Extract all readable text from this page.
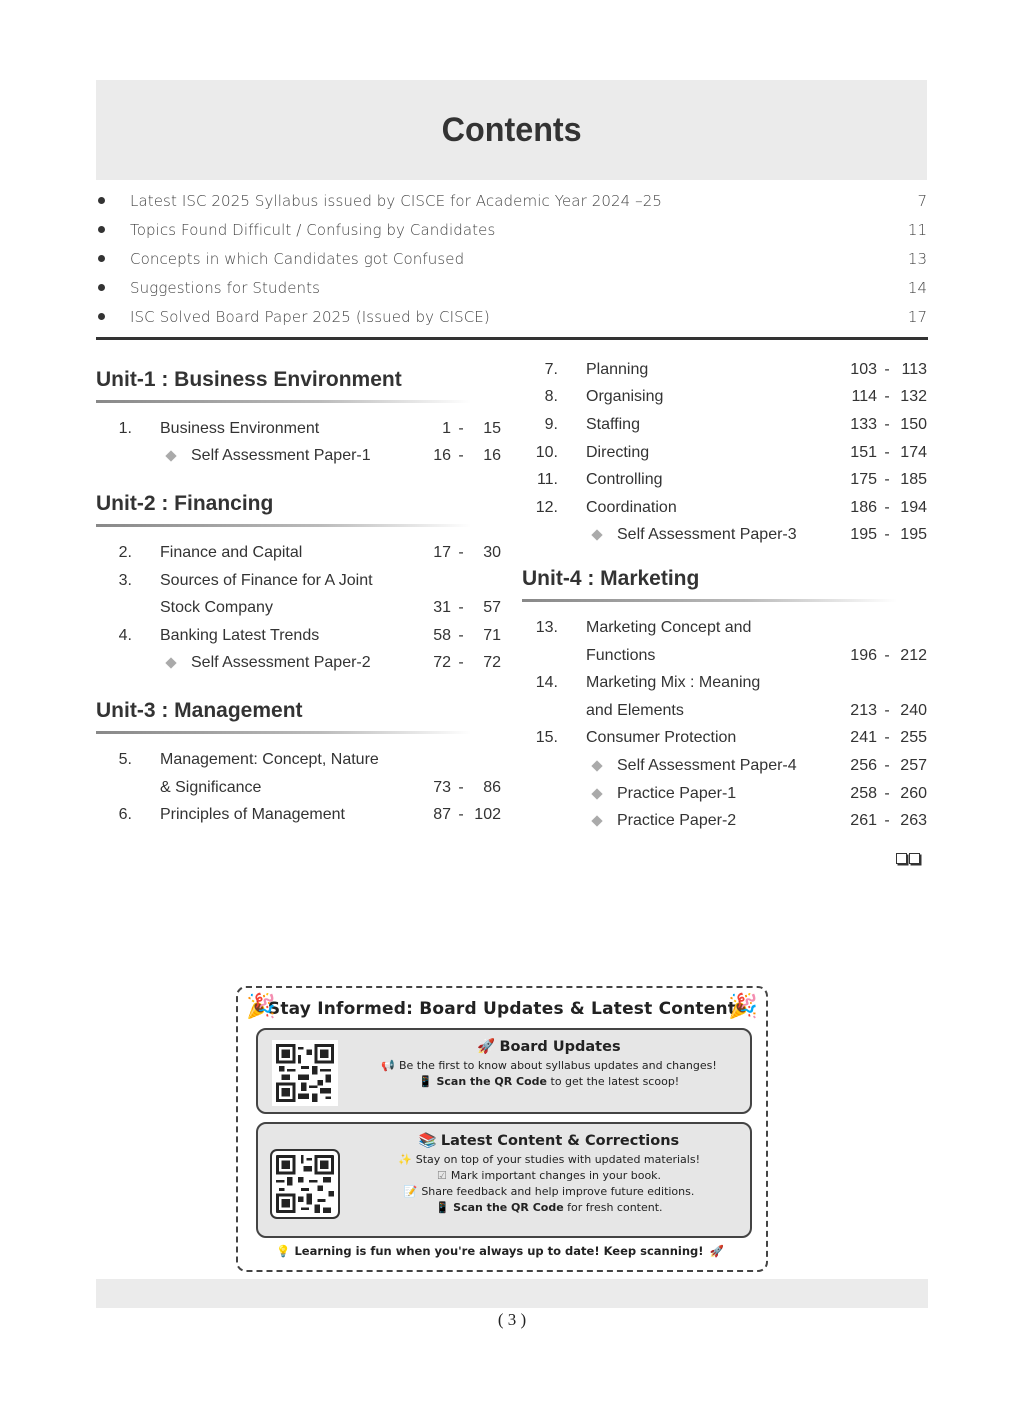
Contents
Latest ISC 2025 Syllabus issued by CISCE for Academic Year 2024 –25	7
Topics Found Difficult / Confusing by Candidates	11
Concepts in which Candidates got Confused	13
Suggestions for Students	14
ISC Solved Board Paper 2025 (Issued by CISCE)	17
Unit-1 : Business Environment
1. Business Environment	1 -	15
Self Assessment Paper-1	16 -	16
Unit-2 : Financing
2. Finance and Capital	17 -	30
3. Sources of Finance for A Joint
Stock Company	31 -	57
4. Banking Latest Trends	58 -	71
Self Assessment Paper-2	72 -	72
Unit-3 : Management
5. Management: Concept, Nature
& Significance	73 -	86
6. Principles of Management	87 - 102
7. Planning	103 - 113
8. Organising	114 - 132
9. Staffing	133 - 150
10. Directing	151 - 174
11. Controlling	175 - 185
12. Coordination	186 - 194
Self Assessment Paper-3	195 - 195
Unit-4 : Marketing
13. Marketing Concept and
Functions	196 - 212
14. Marketing Mix : Meaning
and Elements	213 - 240
15. Consumer Protection	241 - 255
Self Assessment Paper-4	256 - 257
Practice Paper-1	258 - 260
Practice Paper-2	261 - 263
🎉	🎉
Stay Informed: Board Updates & Latest Content
🚀 Board Updates
📢 Be the first to know about syllabus updates and changes!
📱 Scan the QR Code to get the latest scoop!
📚 Latest Content & Corrections
✨ Stay on top of your studies with updated materials!
☑ Mark important changes in your book.
📝 Share feedback and help improve future editions.
📱 Scan the QR Code for fresh content.
💡 Learning is fun when you're always up to date! Keep scanning! 🚀
( 3 )
